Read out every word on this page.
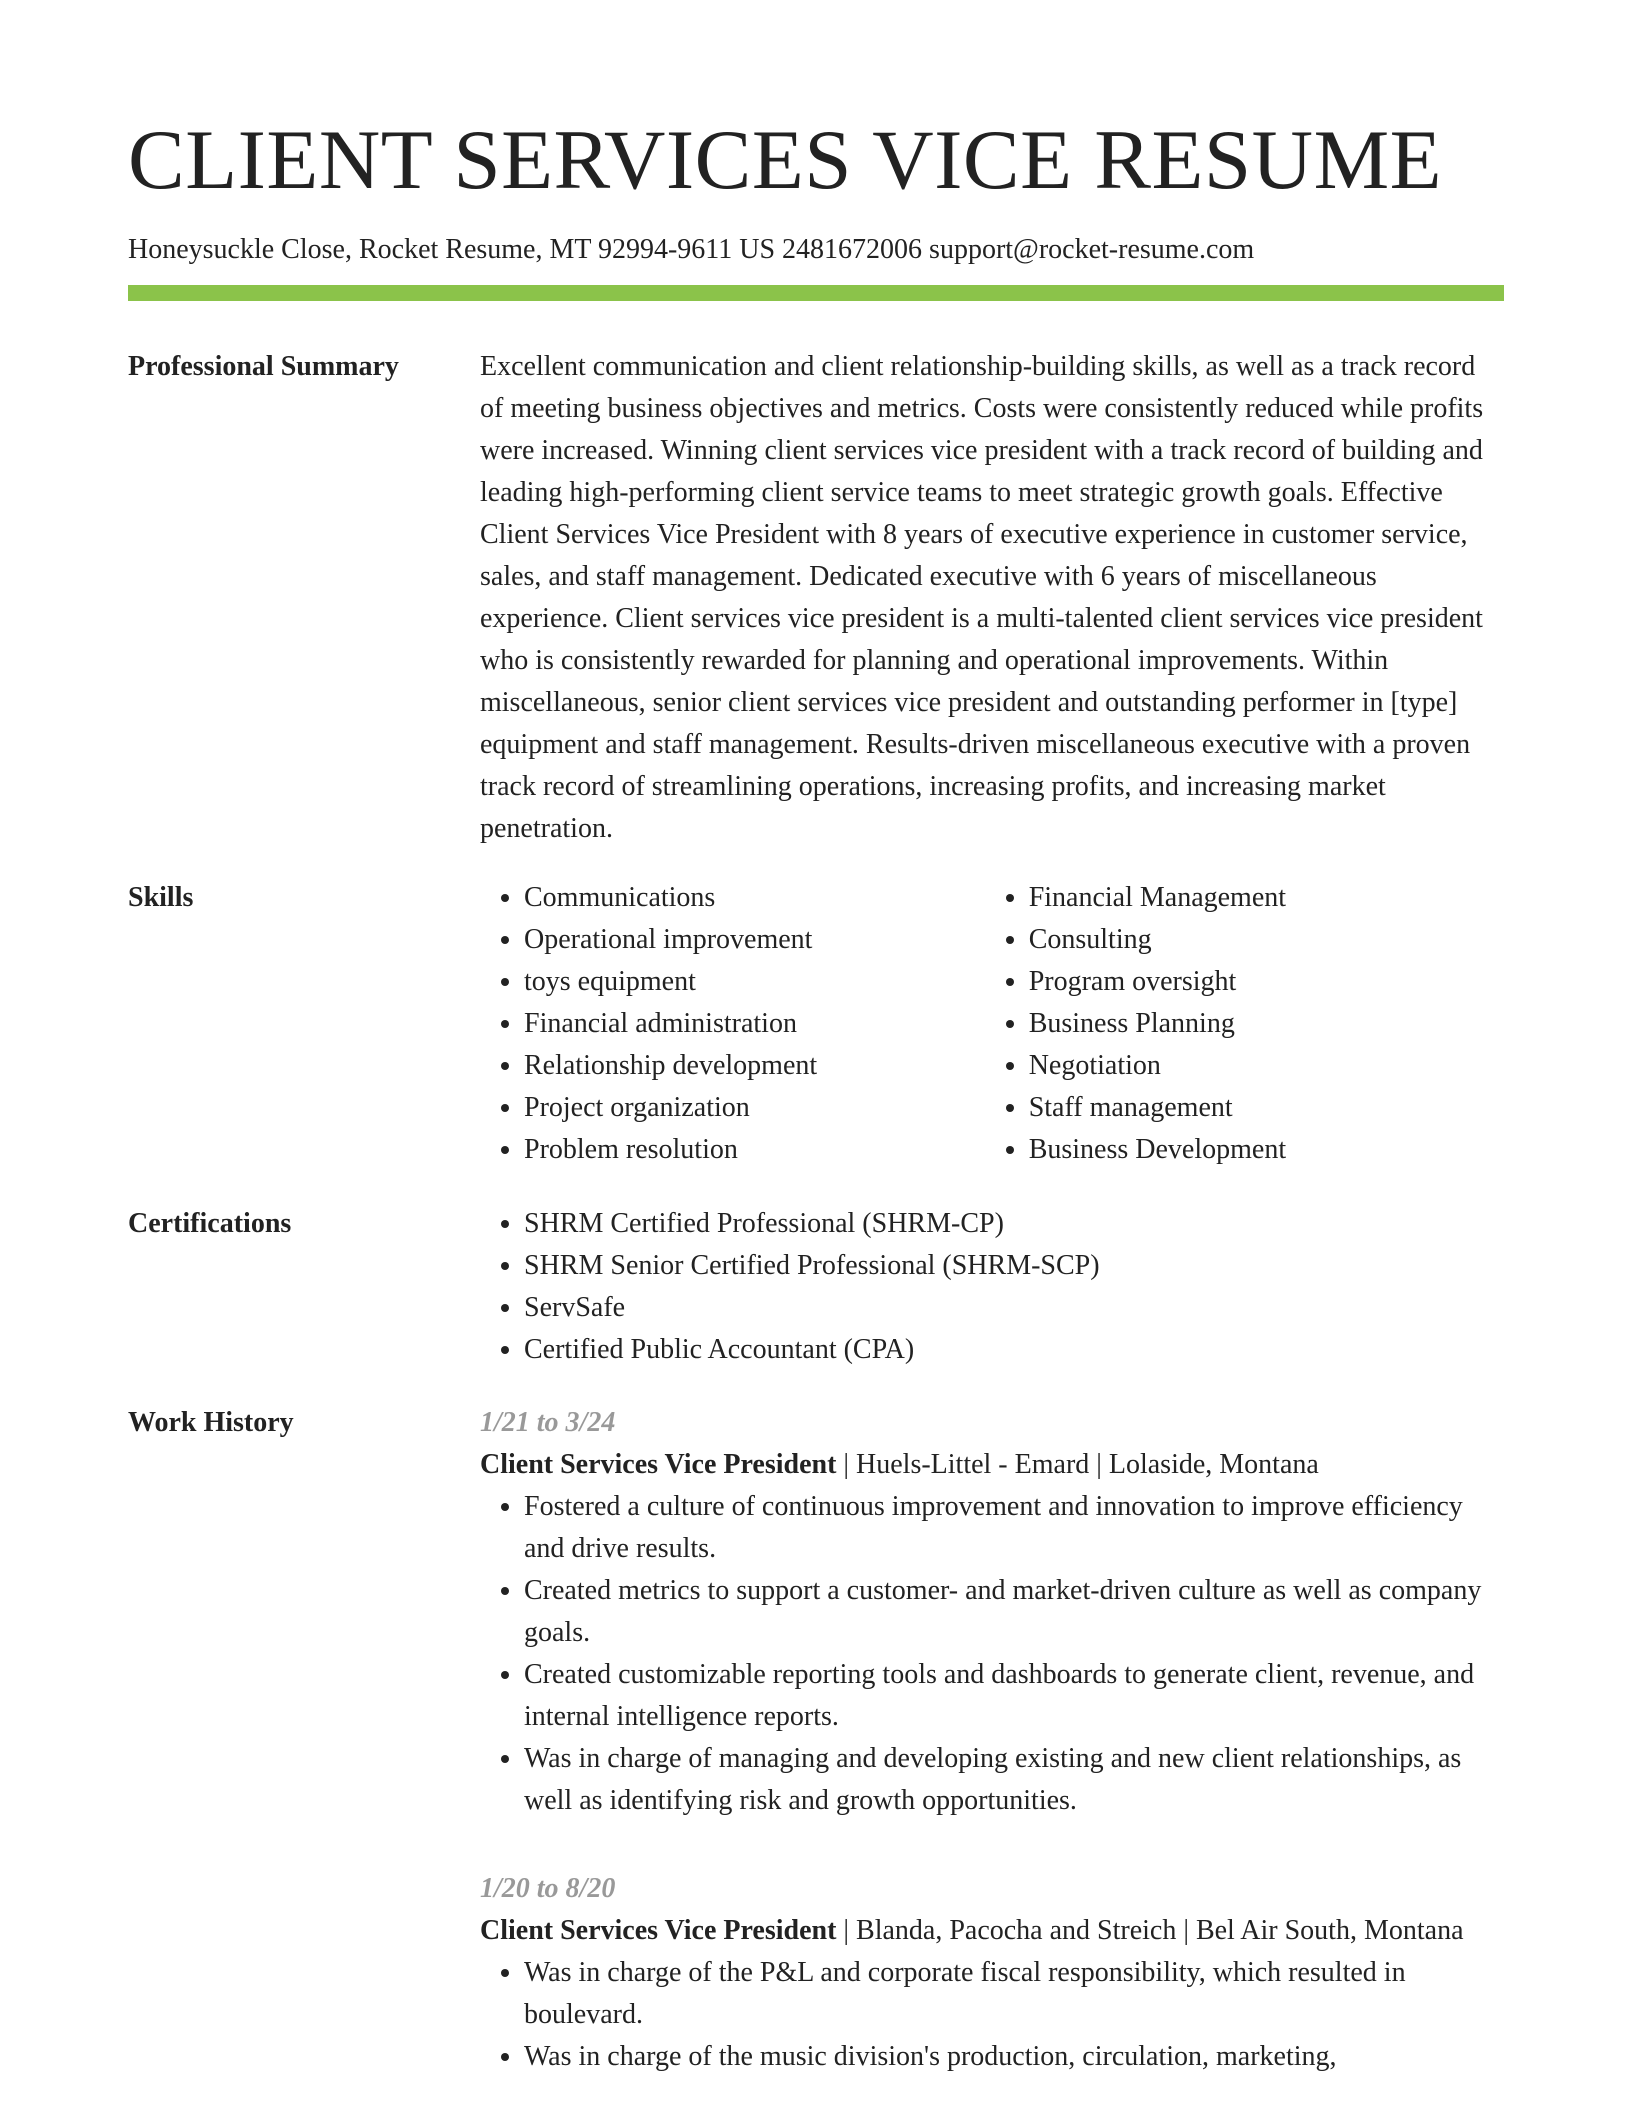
CLIENT SERVICES VICE RESUME
Honeysuckle Close, Rocket Resume, MT 92994-9611 US 2481672006 support@rocket-resume.com
Professional Summary	Excellent communication and client relationship-building skills, as well as a track record of meeting business objectives and metrics. Costs were consistently reduced while profits were increased. Winning client services vice president with a track record of building and leading high-performing client service teams to meet strategic growth goals. Effective Client Services Vice President with 8 years of executive experience in customer service, sales, and staff management. Dedicated executive with 6 years of miscellaneous experience. Client services vice president is a multi-talented client services vice president who is consistently rewarded for planning and operational improvements. Within miscellaneous, senior client services vice president and outstanding performer in [type] equipment and staff management. Results-driven miscellaneous executive with a proven track record of streamlining operations, increasing profits, and increasing market penetration.

Skills	• Communications
• Operational improvement
• toys equipment
• Financial administration
• Relationship development
• Project organization
• Problem resolution
• Financial Management
• Consulting
• Program oversight
• Business Planning
• Negotiation
• Staff management
• Business Development
Certifications	• SHRM Certified Professional (SHRM-CP)
• SHRM Senior Certified Professional (SHRM-SCP)
• ServSafe
• Certified Public Accountant (CPA)
Work History	1/21 to 3/24
Client Services Vice President | Huels-Littel - Emard | Lolaside, Montana
• Fostered a culture of continuous improvement and innovation to improve efficiency and drive results.
• Created metrics to support a customer- and market-driven culture as well as company goals.
• Created customizable reporting tools and dashboards to generate client, revenue, and internal intelligence reports.
• Was in charge of managing and developing existing and new client relationships, as well as identifying risk and growth opportunities.
1/20 to 8/20
Client Services Vice President | Blanda, Pacocha and Streich | Bel Air South, Montana
• Was in charge of the P&L and corporate fiscal responsibility, which resulted in boulevard.
• Was in charge of the music division's production, circulation, marketing,
